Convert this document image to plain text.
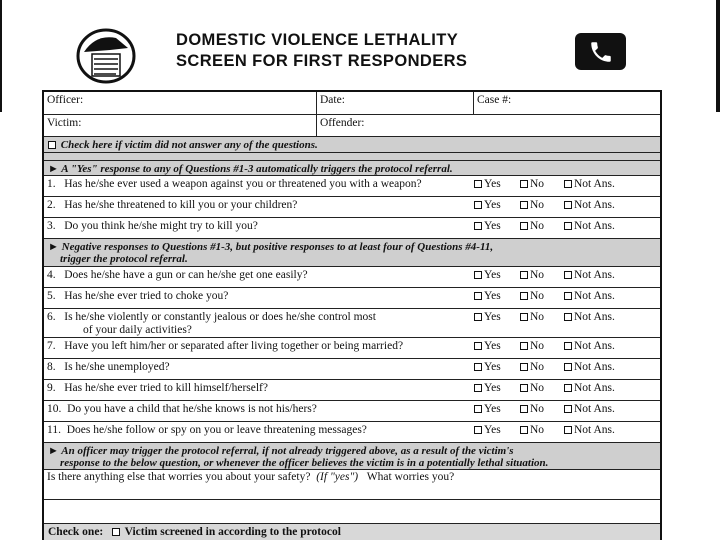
DOMESTIC VIOLENCE LETHALITY
SCREEN FOR FIRST RESPONDERS
Officer:	Date:	Case #:
Victim:	Offender:
Check here if victim did not answer any of the questions.
► A "Yes" response to any of Questions #1-3 automatically triggers the protocol referral.
1. Has he/she ever used a weapon against you or threatened you with a weapon?	Yes	No	Not Ans.
2. Has he/she threatened to kill you or your children?	Yes	No	Not Ans.
3. Do you think he/she might try to kill you?	Yes	No	Not Ans.
► Negative responses to Questions #1-3, but positive responses to at least four of Questions #4-11,
trigger the protocol referral.
4. Does he/she have a gun or can he/she get one easily?	Yes	No	Not Ans.
5. Has he/she ever tried to choke you?	Yes	No	Not Ans.
6. Is he/she violently or constantly jealous or does he/she control most
of your daily activities?
Yes	No	Not Ans.
7. Have you left him/her or separated after living together or being married?	Yes	No	Not Ans.
8. Is he/she unemployed?	Yes	No	Not Ans.
9. Has he/she ever tried to kill himself/herself?	Yes	No	Not Ans.
10. Do you have a child that he/she knows is not his/hers?	Yes	No	Not Ans.
11. Does he/she follow or spy on you or leave threatening messages?	Yes	No	Not Ans.
► An officer may trigger the protocol referral, if not already triggered above, as a result of the victim's
response to the below question, or whenever the officer believes the victim is in a potentially lethal situation.
Is there anything else that worries you about your safety? (If "yes") What worries you?
Check one: Victim screened in according to the protocol
